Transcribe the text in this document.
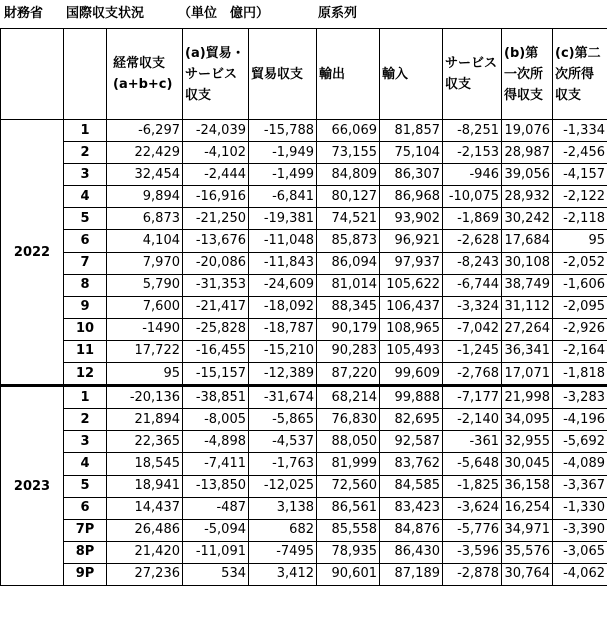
財務省 国際収支状況	（単位　億円）	原系列
		経常収支(a+b+c)	(a)貿易・サービス収支	貿易収支	輸出	輸入	サービス収支	(b)第一次所得収支	(c)第二次所得収支
2022	1	-6,297	-24,039	-15,788	66,069	81,857	-8,251	19,076	-1,334
	2	22,429	-4,102	-1,949	73,155	75,104	-2,153	28,987	-2,456
	3	32,454	-2,444	-1,499	84,809	86,307	-946	39,056	-4,157
	4	9,894	-16,916	-6,841	80,127	86,968	-10,075	28,932	-2,122
	5	6,873	-21,250	-19,381	74,521	93,902	-1,869	30,242	-2,118
	6	4,104	-13,676	-11,048	85,873	96,921	-2,628	17,684	95
	7	7,970	-20,086	-11,843	86,094	97,937	-8,243	30,108	-2,052
	8	5,790	-31,353	-24,609	81,014	105,622	-6,744	38,749	-1,606
	9	7,600	-21,417	-18,092	88,345	106,437	-3,324	31,112	-2,095
	10	-1490	-25,828	-18,787	90,179	108,965	-7,042	27,264	-2,926
	11	17,722	-16,455	-15,210	90,283	105,493	-1,245	36,341	-2,164
	12	95	-15,157	-12,389	87,220	99,609	-2,768	17,071	-1,818
2023	1	-20,136	-38,851	-31,674	68,214	99,888	-7,177	21,998	-3,283
	2	21,894	-8,005	-5,865	76,830	82,695	-2,140	34,095	-4,196
	3	22,365	-4,898	-4,537	88,050	92,587	-361	32,955	-5,692
	4	18,545	-7,411	-1,763	81,999	83,762	-5,648	30,045	-4,089
	5	18,941	-13,850	-12,025	72,560	84,585	-1,825	36,158	-3,367
	6	14,437	-487	3,138	86,561	83,423	-3,624	16,254	-1,330
	7P	26,486	-5,094	682	85,558	84,876	-5,776	34,971	-3,390
	8P	21,420	-11,091	-7495	78,935	86,430	-3,596	35,576	-3,065
	9P	27,236	534	3,412	90,601	87,189	-2,878	30,764	-4,062
